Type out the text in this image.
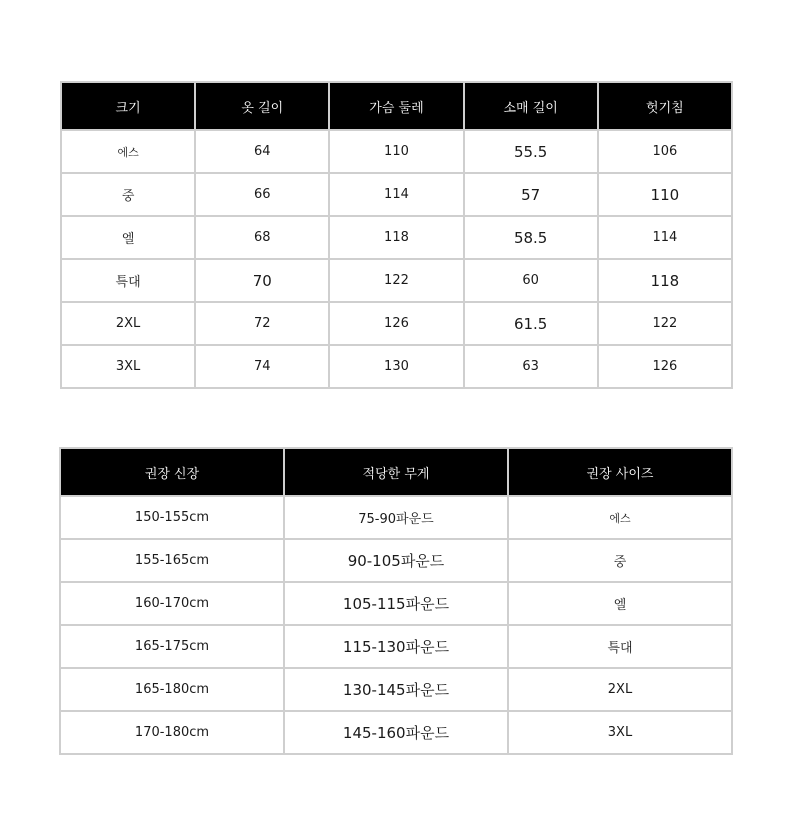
크기	옷 길이	가슴 둘레	소매 길이	헛기침
에스	64	110	55.5	106
중	66	114	57	110
엘	68	118	58.5	114
특대	70	122	60	118
2XL	72	126	61.5	122
3XL	74	130	63	126
권장 신장	적당한 무게	권장 사이즈
150-155cm	75-90파운드	에스
155-165cm	90-105파운드	중
160-170cm	105-115파운드	엘
165-175cm	115-130파운드	특대
165-180cm	130-145파운드	2XL
170-180cm	145-160파운드	3XL
